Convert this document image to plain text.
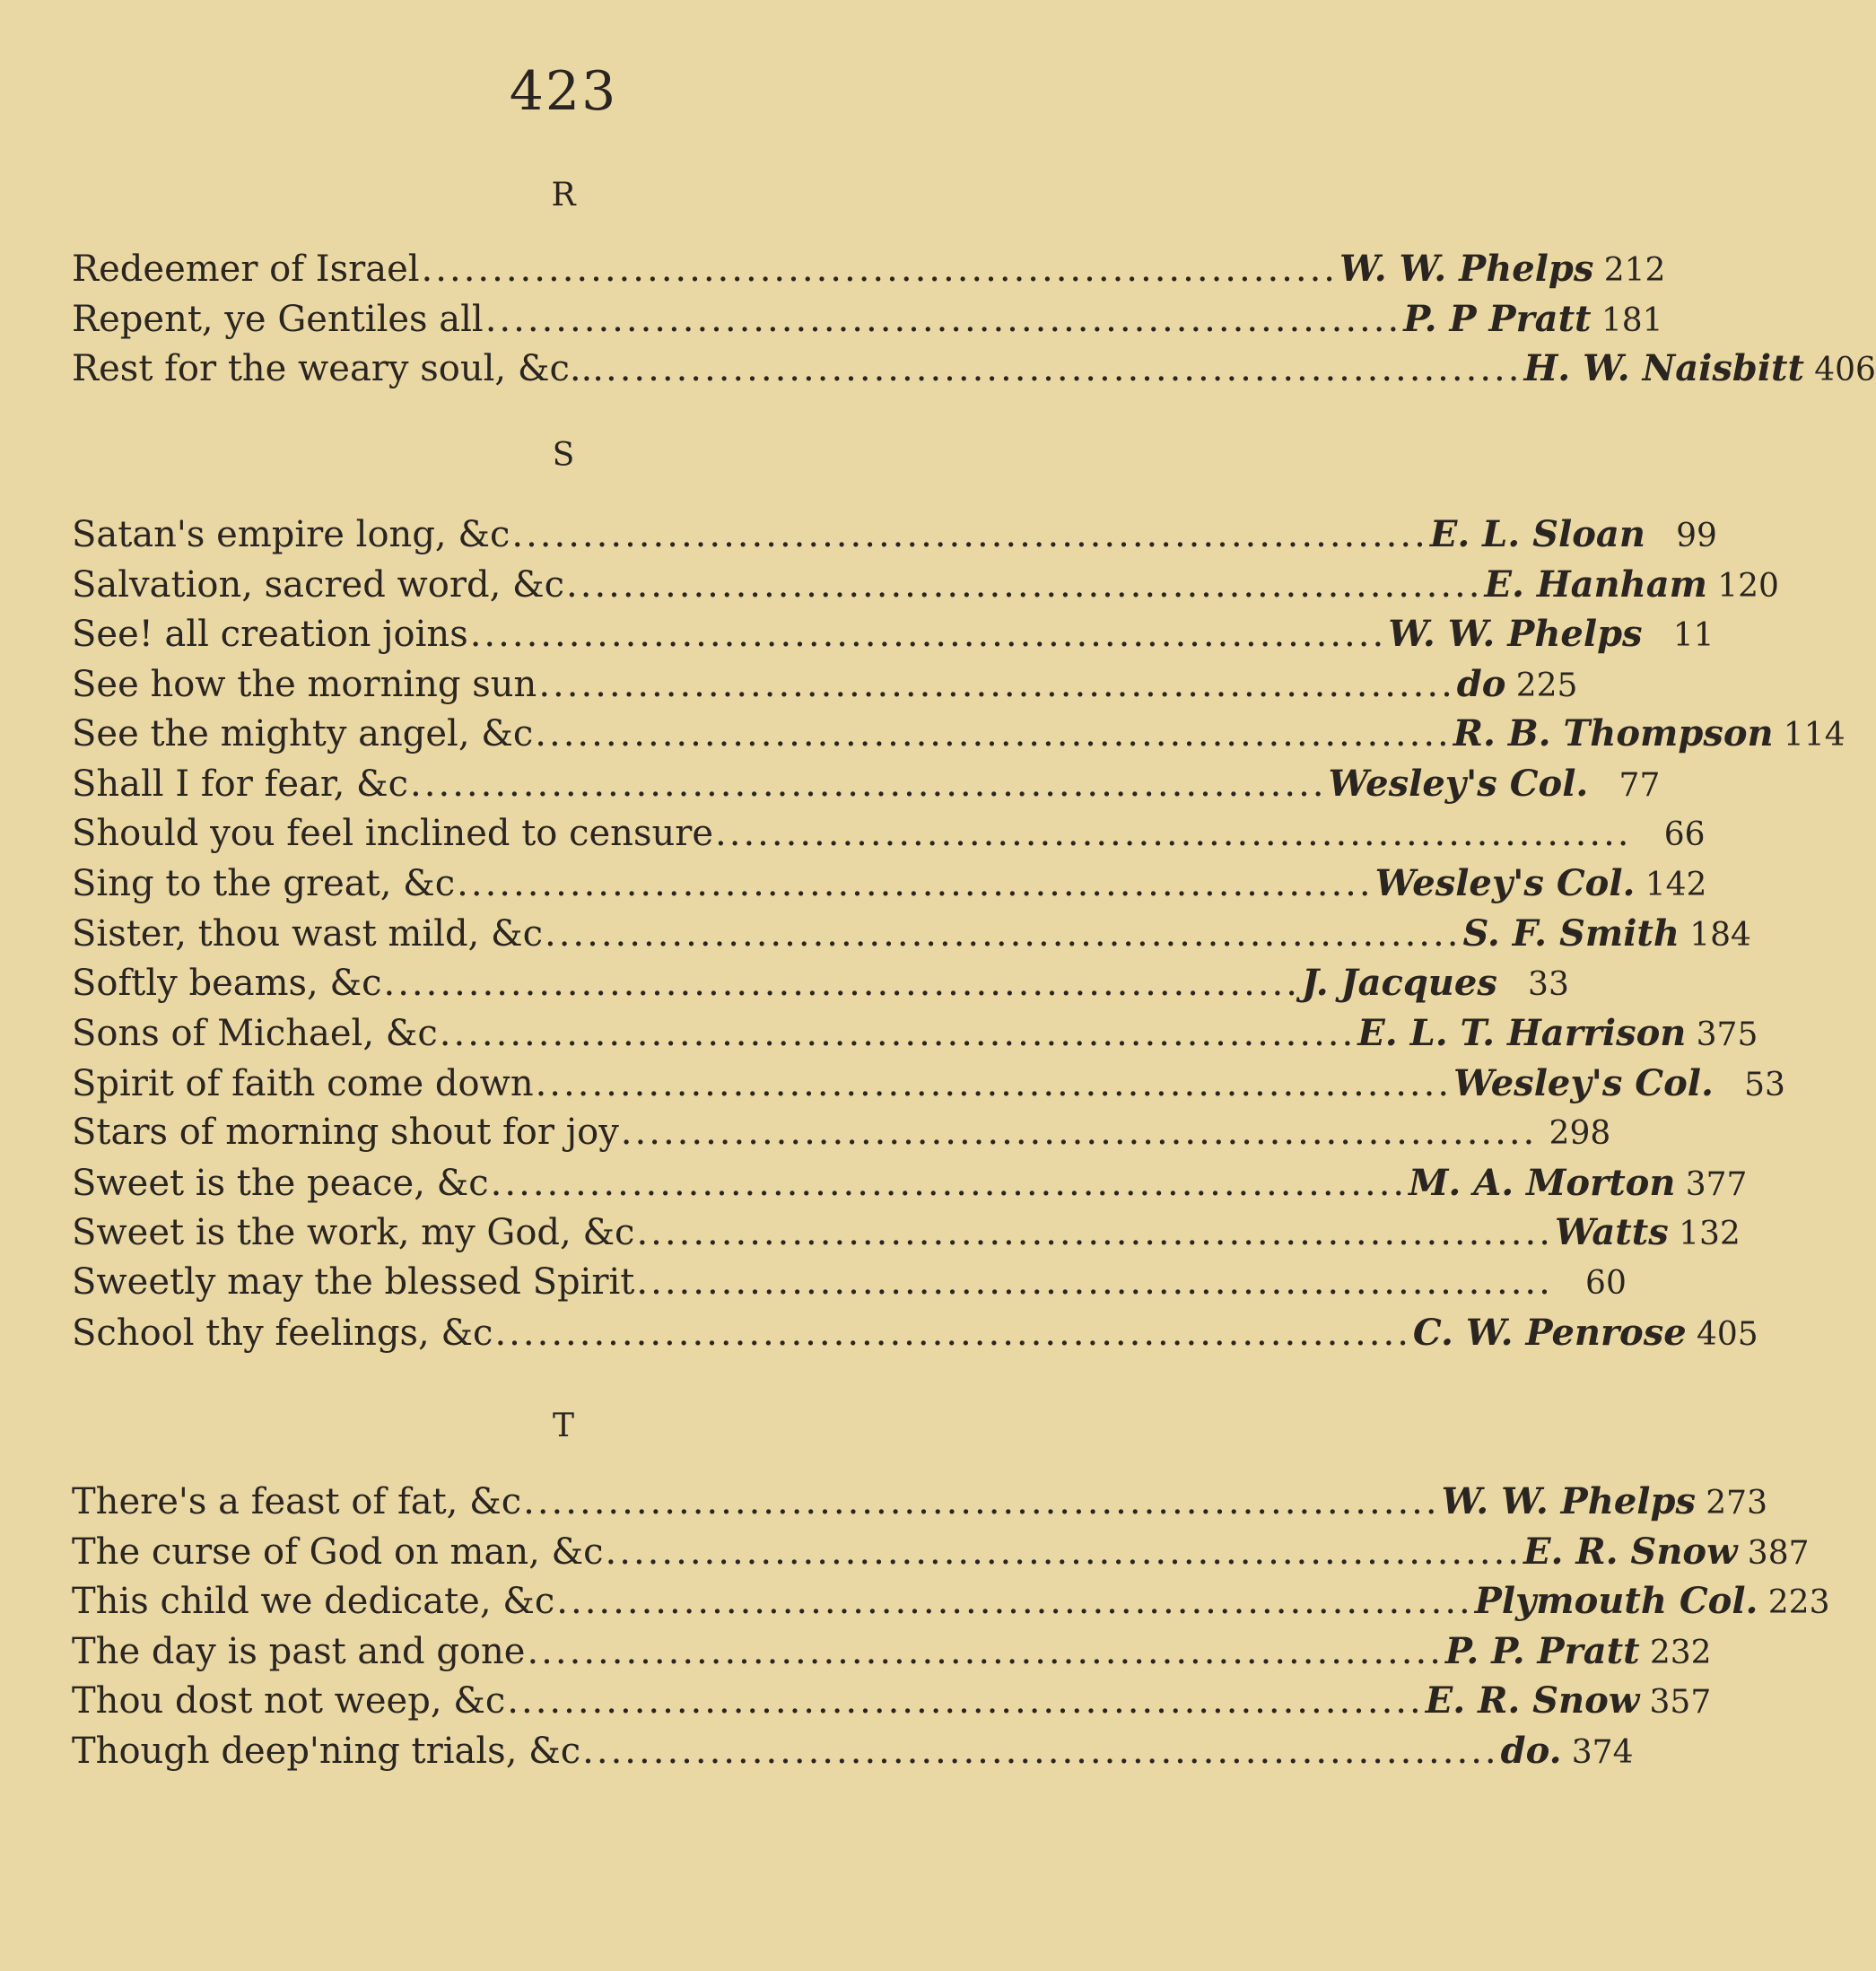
423
R
Redeemer of Israel ................................................................. W. W. Phelps 212
Repent, ye Gentiles all ................................................................. P. P Pratt 181
Rest for the weary soul, &c... ................................................................. H. W. Naisbitt 406
S
Satan's empire long, &c ................................................................. E. L. Sloan 99
Salvation, sacred word, &c ................................................................. E. Hanham 120
See! all creation joins ................................................................. W. W. Phelps 11
See how the morning sun ................................................................. do 225
See the mighty angel, &c ................................................................. R. B. Thompson 114
Shall I for fear, &c ................................................................. Wesley's Col. 77
Should you feel inclined to censure .................................................................	66
Sing to the great, &c ................................................................. Wesley's Col. 142
Sister, thou wast mild, &c ................................................................. S. F. Smith 184
Softly beams, &c ................................................................. J. Jacques 33
Sons of Michael, &c ................................................................. E. L. T. Harrison 375
Spirit of faith come down ................................................................. Wesley's Col. 53
Stars of morning shout for joy ................................................................. 298
Sweet is the peace, &c ................................................................. M. A. Morton 377
Sweet is the work, my God, &c ................................................................. Watts 132
Sweetly may the blessed Spirit .................................................................	60
School thy feelings, &c ................................................................. C. W. Penrose 405
T
There's a feast of fat, &c ................................................................. W. W. Phelps 273
The curse of God on man, &c ................................................................. E. R. Snow 387
This child we dedicate, &c ................................................................. Plymouth Col. 223
The day is past and gone ................................................................. P. P. Pratt 232
Thou dost not weep, &c ................................................................. E. R. Snow 357
Though deep'ning trials, &c ................................................................. do. 374
